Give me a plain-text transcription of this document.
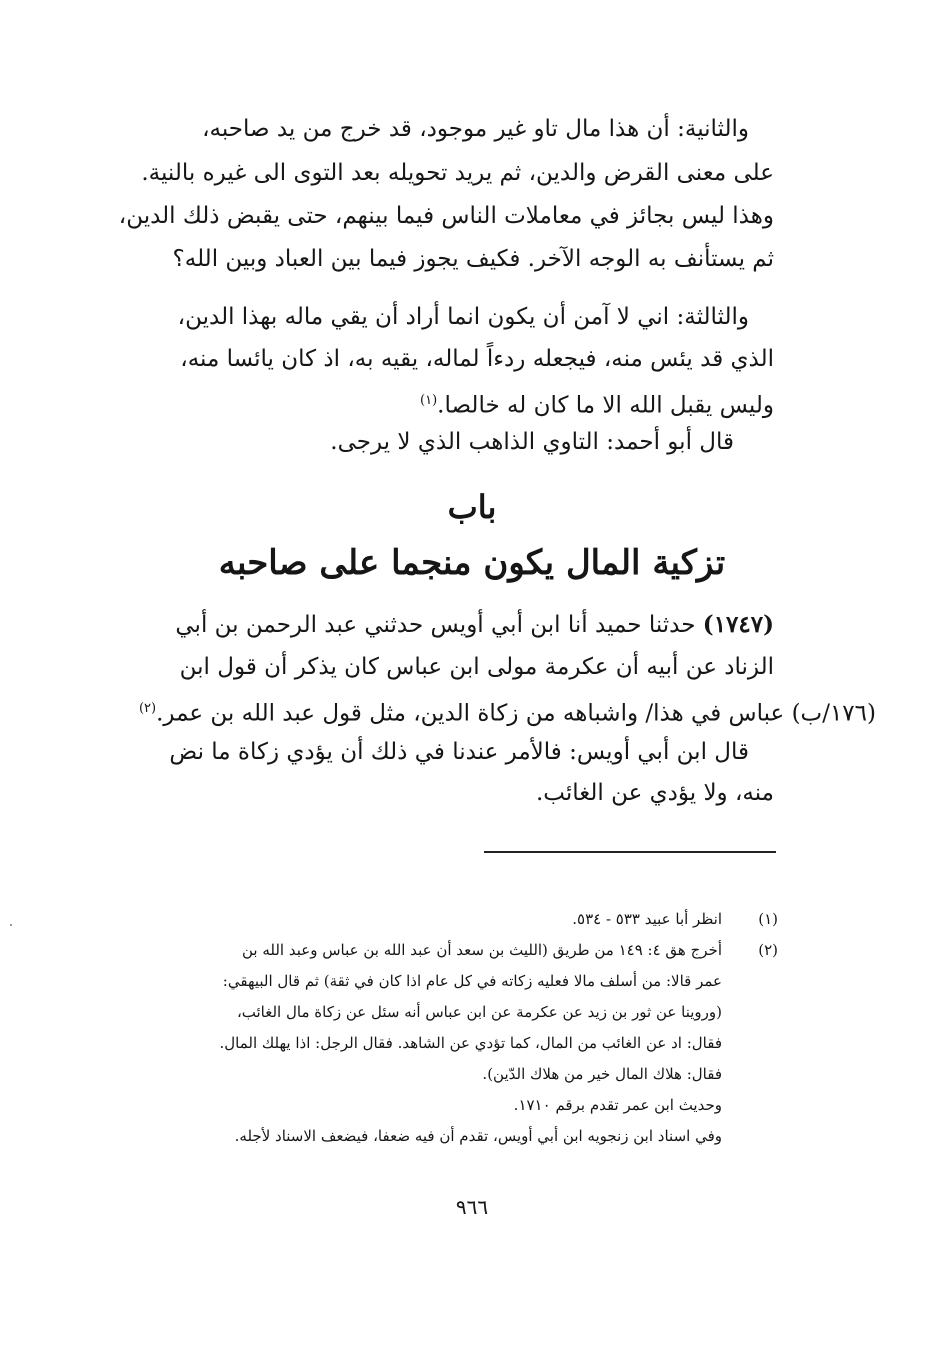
والثانية: أن هذا مال تاو غير موجود، قد خرج من يد صاحبه،
على معنى القرض والدين، ثم يريد تحويله بعد التوى الى غيره بالنية.
وهذا ليس بجائز في معاملات الناس فيما بينهم، حتى يقبض ذلك الدين،
ثم يستأنف به الوجه الآخر. فكيف يجوز فيما بين العباد وبين الله؟
والثالثة: اني لا آمن أن يكون انما أراد أن يقي ماله بهذا الدين،
الذي قد يئس منه، فيجعله ردءاً لماله، يقيه به، اذ كان يائسا منه،
وليس يقبل الله الا ما كان له خالصا.$^{(١)}$
قال أبو أحمد: التاوي الذاهب الذي لا يرجى.
باب
تزكية المال يكون منجما على صاحبه
(١٧٤٧) حدثنا حميد أنا ابن أبي أويس حدثني عبد الرحمن بن أبي
الزناد عن أبيه أن عكرمة مولى ابن عباس كان يذكر أن قول ابن
(١٧٦/ب) عباس في هذا/ واشباهه من زكاة الدين، مثل قول عبد الله بن عمر.$^{(٢)}$
قال ابن أبي أويس: فالأمر عندنا في ذلك أن يؤدي زكاة ما نض
منه، ولا يؤدي عن الغائب.
(١)
انظر أبا عبيد ٥٣٣ - ٥٣٤.
(٢)
أخرج هق ٤: ١٤٩ من طريق (الليث بن سعد أن عبد الله بن عباس وعبد الله بن
عمر قالا: من أسلف مالا فعليه زكاته في كل عام اذا كان في ثقة) ثم قال البيهقي:
(وروينا عن ثور بن زيد عن عكرمة عن ابن عباس أنه سئل عن زكاة مال الغائب،
فقال: اد عن الغائب من المال، كما تؤدي عن الشاهد. فقال الرجل: اذا يهلك المال.
فقال: هلاك المال خير من هلاك الدّين).
وحديث ابن عمر تقدم برقم ١٧١٠.
وفي اسناد ابن زنجويه ابن أبي أويس، تقدم أن فيه ضعفا، فيضعف الاسناد لأجله.
٩٦٦
